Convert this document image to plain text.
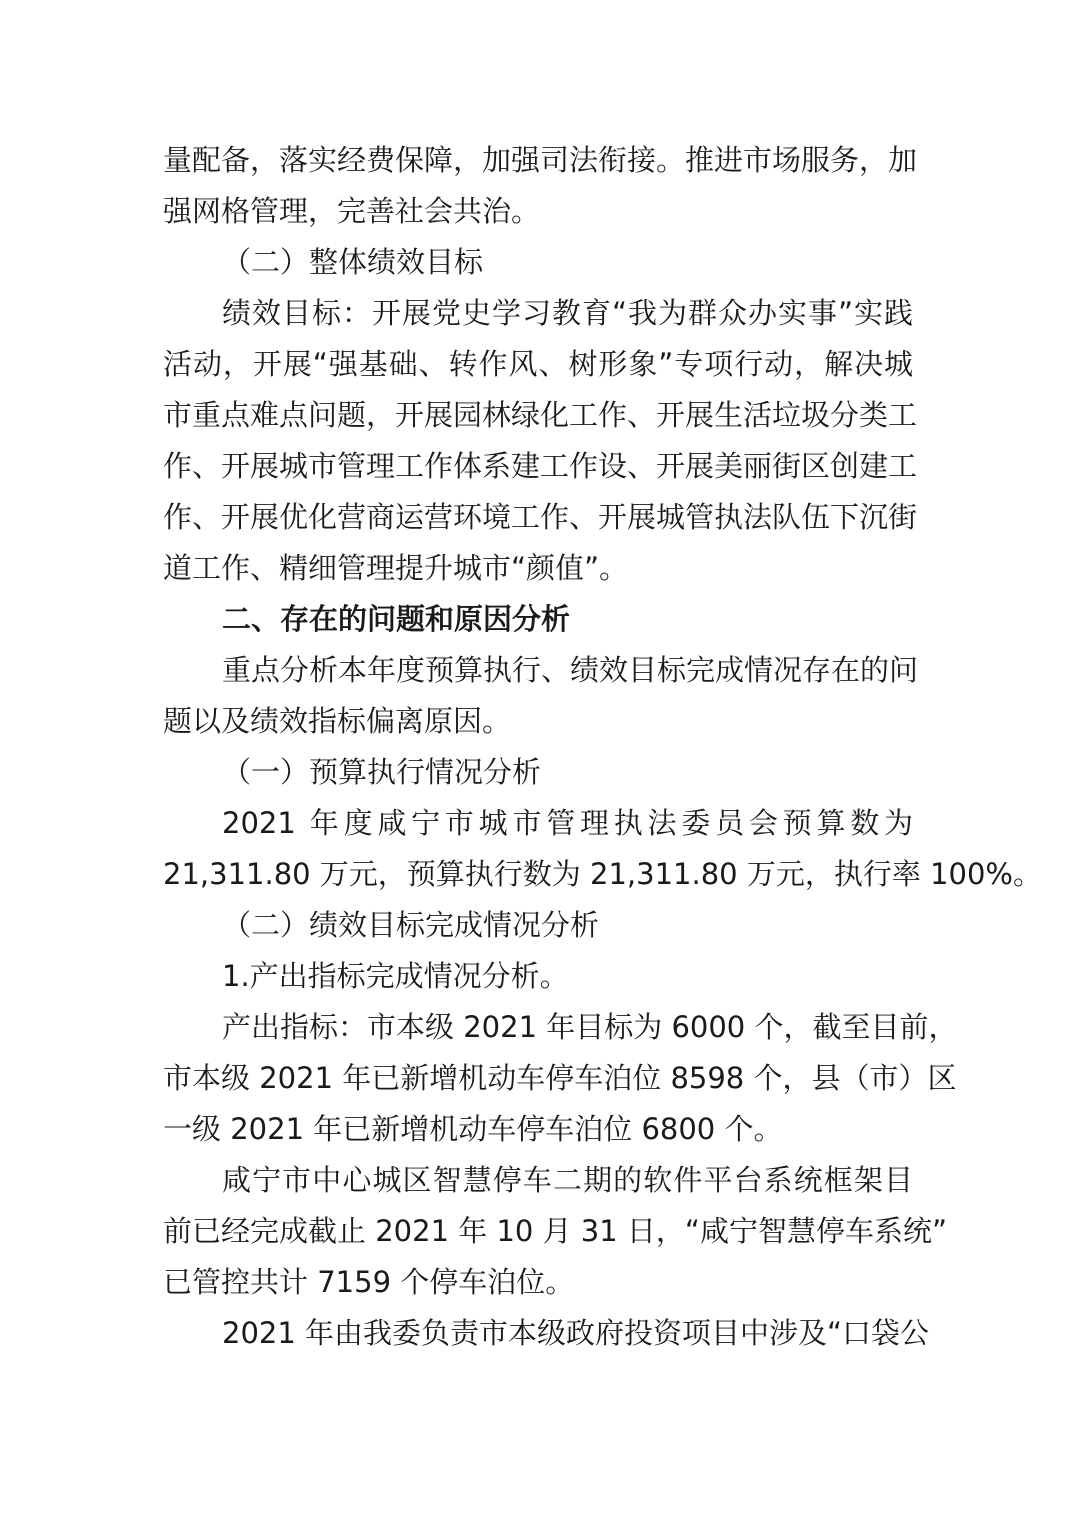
量配备，落实经费保障，加强司法衔接。推进市场服务，加
强网格管理，完善社会共治。
（二）整体绩效目标
绩效目标：开展党史学习教育“我为群众办实事”实践
活动，开展“强基础、转作风、树形象”专项行动，解决城
市重点难点问题，开展园林绿化工作、开展生活垃圾分类工
作、开展城市管理工作体系建工作设、开展美丽街区创建工
作、开展优化营商运营环境工作、开展城管执法队伍下沉街
道工作、精细管理提升城市“颜值”。
二、存在的问题和原因分析
重点分析本年度预算执行、绩效目标完成情况存在的问
题以及绩效指标偏离原因。
（一）预算执行情况分析
2021 年度咸宁市城市管理执法委员会预算数为
21,311.80 万元，预算执行数为 21,311.80 万元，执行率 100%。
（二）绩效目标完成情况分析
1.产出指标完成情况分析。
产出指标：市本级 2021 年目标为 6000 个，截至目前，
市本级 2021 年已新增机动车停车泊位 8598 个，县（市）区
一级 2021 年已新增机动车停车泊位 6800 个。
咸宁市中心城区智慧停车二期的软件平台系统框架目
前已经完成截止 2021 年 10 月 31 日，“咸宁智慧停车系统”
已管控共计 7159 个停车泊位。
2021 年由我委负责市本级政府投资项目中涉及“口袋公
